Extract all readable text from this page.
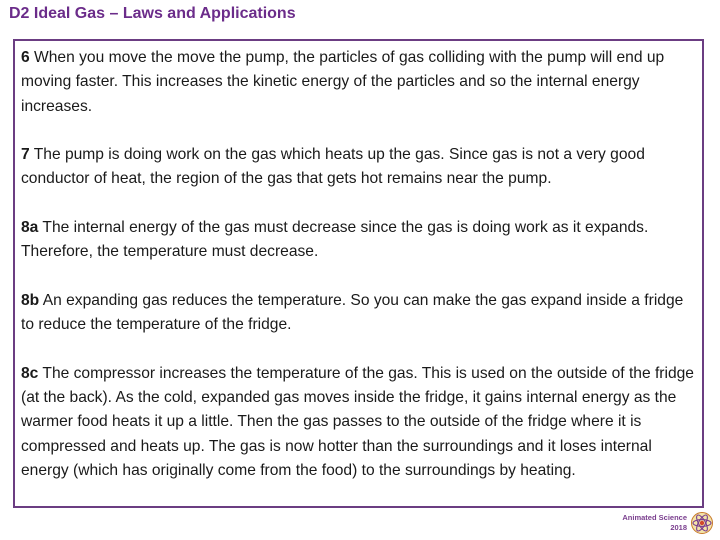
D2 Ideal Gas – Laws and Applications

6 When you move the move the pump, the particles of gas colliding with the pump will end up moving faster. This increases the kinetic energy of the particles and so the internal energy increases.

7 The pump is doing work on the gas which heats up the gas. Since gas is not a very good conductor of heat, the region of the gas that gets hot remains near the pump.

8a The internal energy of the gas must decrease since the gas is doing work as it expands. Therefore, the temperature must decrease.

8b An expanding gas reduces the temperature. So you can make the gas expand inside a fridge to reduce the temperature of the fridge.

8c The compressor increases the temperature of the gas. This is used on the outside of the fridge (at the back). As the cold, expanded gas moves inside the fridge, it gains internal energy as the warmer food heats it up a little. Then the gas passes to the outside of the fridge where it is compressed and heats up. The gas is now hotter than the surroundings and it loses internal energy (which has originally come from the food) to the surroundings by heating.

Animated Science
2018
